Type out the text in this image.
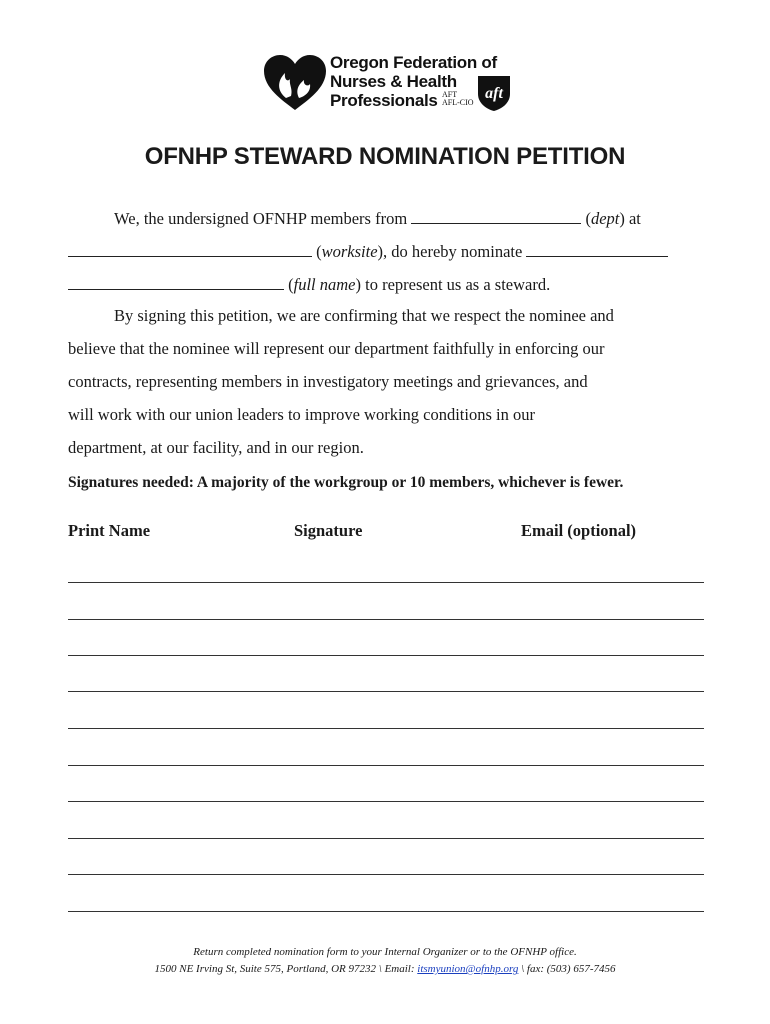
Oregon Federation of
Nurses & Health
Professionals AFT
AFL-CIO
aft
OFNHP STEWARD NOMINATION PETITION
We, the undersigned OFNHP members from	(dept) at
(worksite), do hereby nominate
(full name) to represent us as a steward.
By signing this petition, we are confirming that we respect the nominee and
believe that the nominee will represent our department faithfully in enforcing our
contracts, representing members in investigatory meetings and grievances, and
will work with our union leaders to improve working conditions in our
department, at our facility, and in our region.
Signatures needed: A majority of the workgroup or 10 members, whichever is fewer.
Print Name	Signature	Email (optional)
Return completed nomination form to your Internal Organizer or to the OFNHP office.
1500 NE Irving St, Suite 575, Portland, OR 97232 \ Email: itsmyunion@ofnhp.org \ fax: (503) 657-7456
